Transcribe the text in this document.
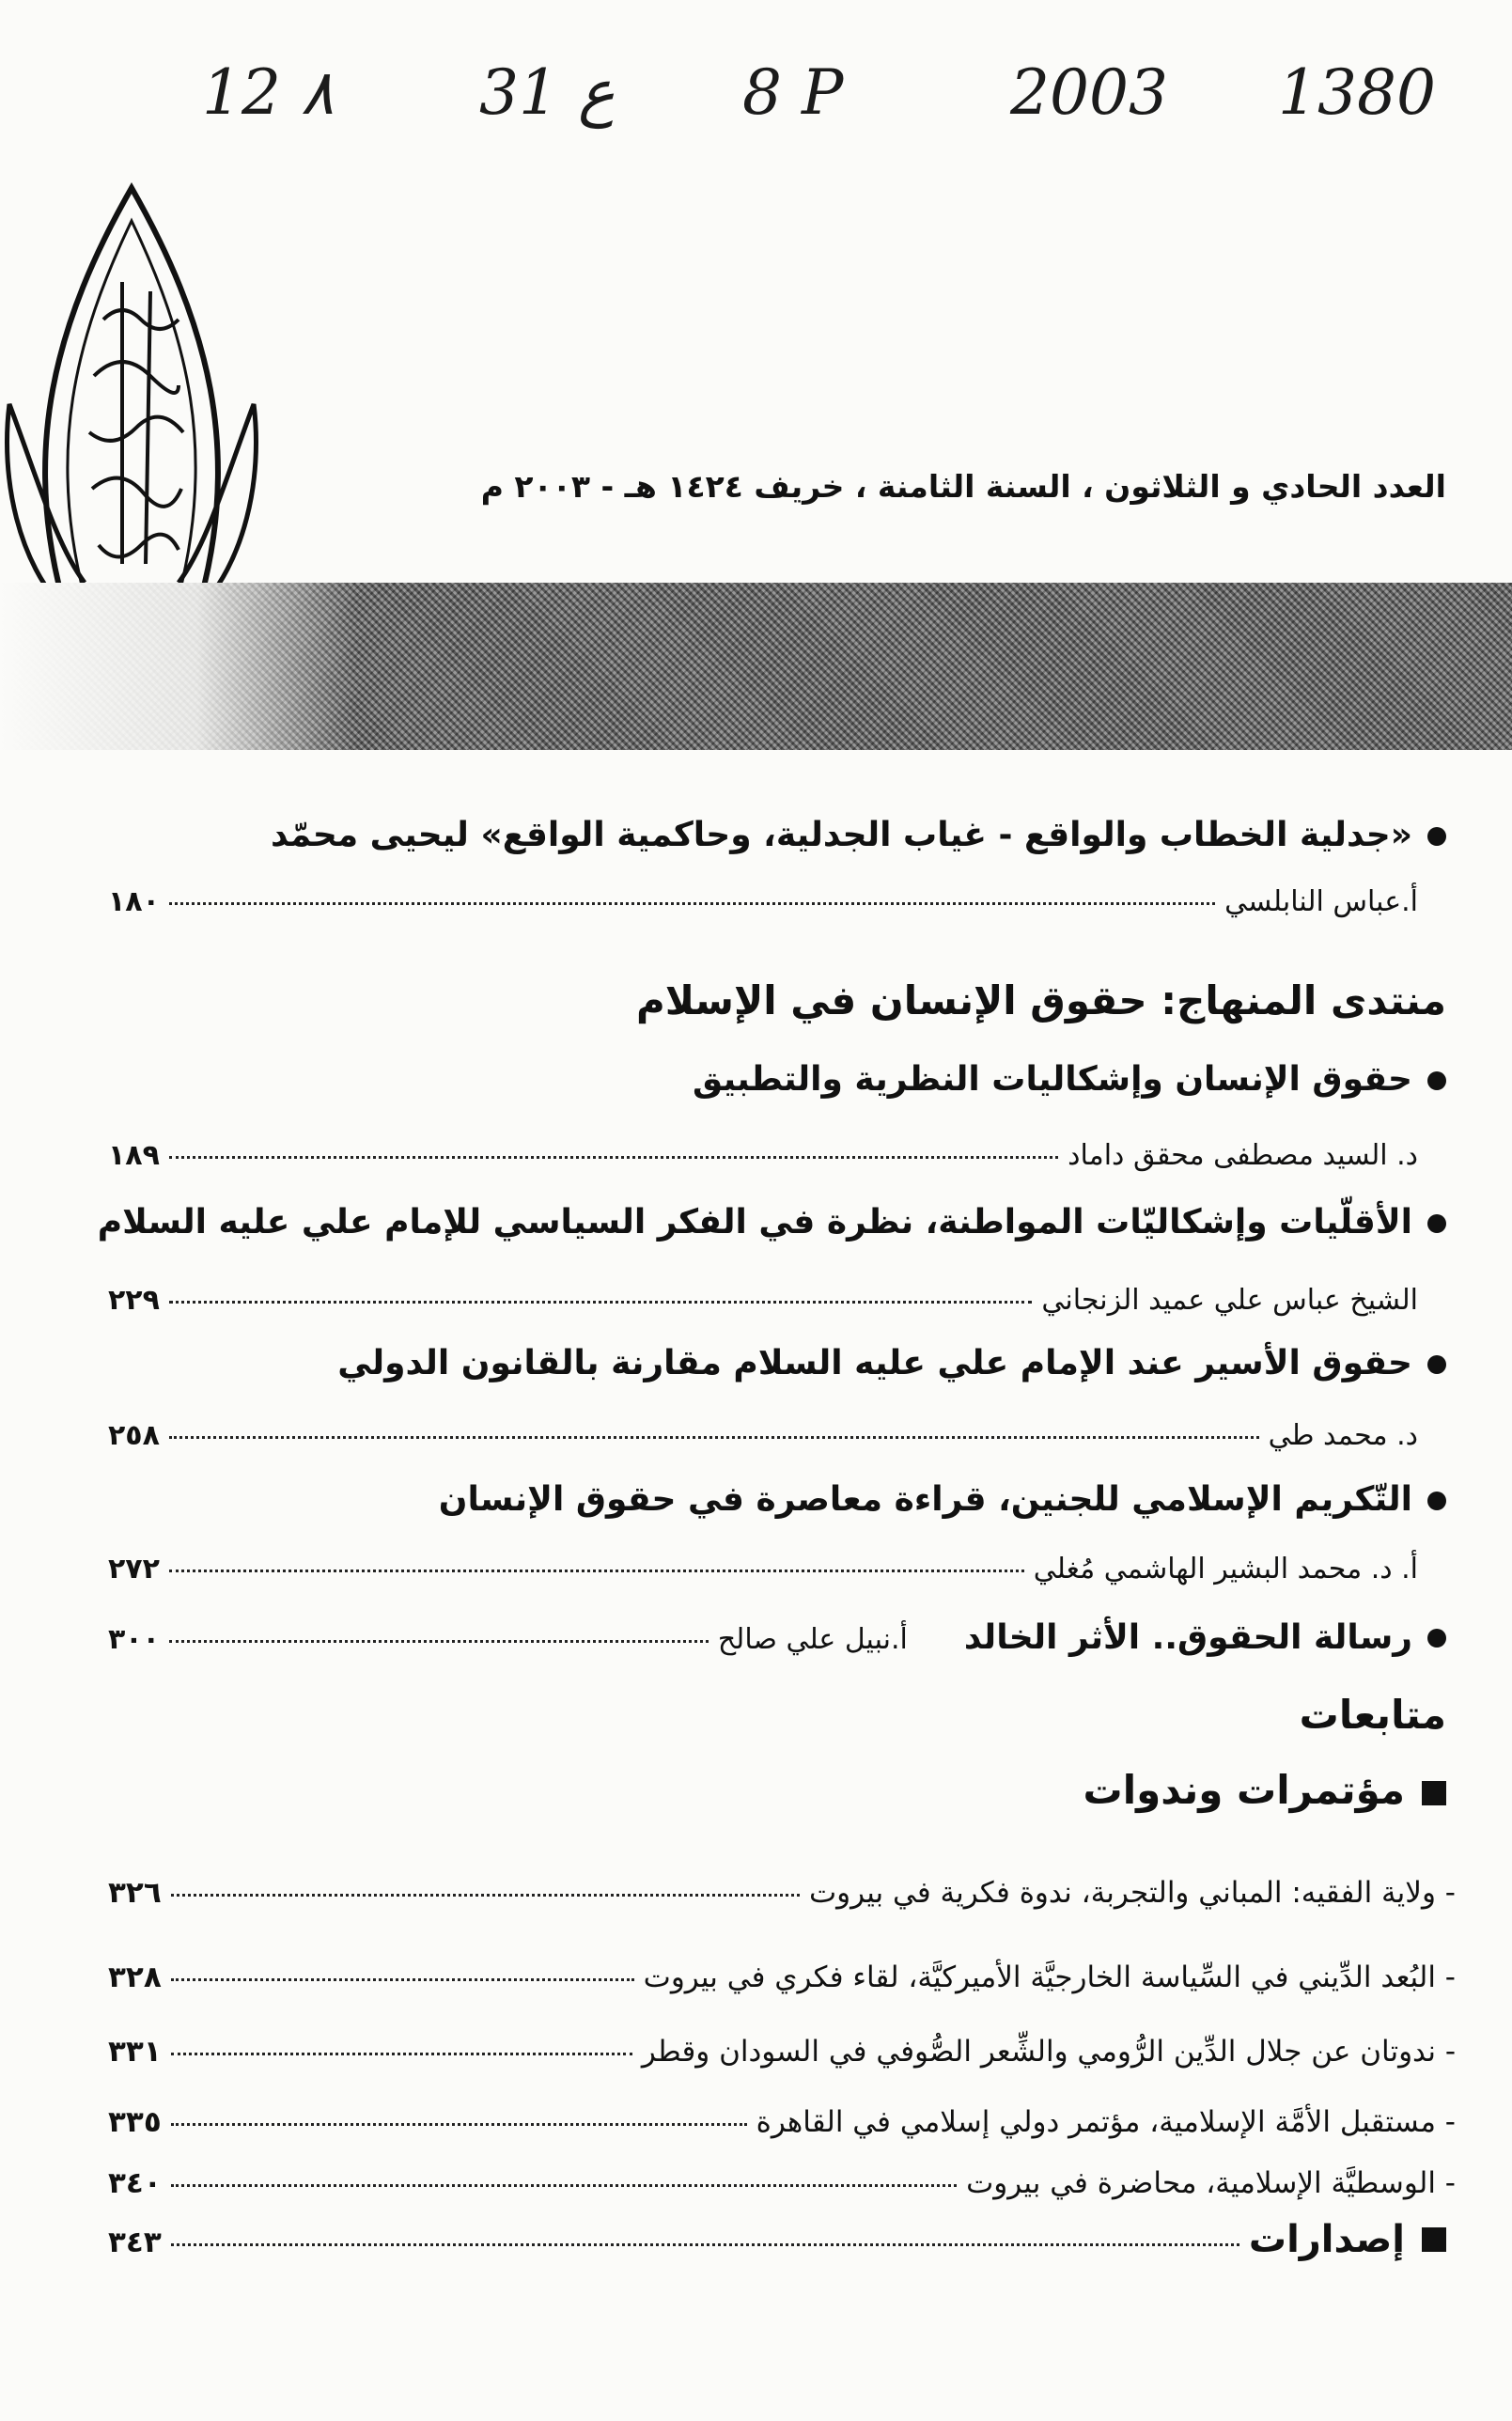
1380
2003
8 P
31 ع
12 ۸
العدد الحادي و الثلاثون ، السنة الثامنة ، خريف ١٤٢٤ هـ - ٢٠٠٣ م
«جدلية الخطاب والواقع - غياب الجدلية، وحاكمية الواقع» ليحيى محمّد
أ.عباس النابلسي
١٨٠
منتدى المنهاج: حقوق الإنسان في الإسلام
حقوق الإنسان وإشكاليات النظرية والتطبيق
د. السيد مصطفى محقق داماد
١٨٩
الأقلّيات وإشكاليّات المواطنة، نظرة في الفكر السياسي للإمام علي عليه السلام
الشيخ عباس علي عميد الزنجاني
٢٢٩
حقوق الأسير عند الإمام علي عليه السلام مقارنة بالقانون الدولي
د. محمد طي
٢٥٨
التّكريم الإسلامي للجنين، قراءة معاصرة في حقوق الإنسان
أ. د. محمد البشير الهاشمي مُغلي
٢٧٢
رسالة الحقوق.. الأثر الخالد
أ.نبيل علي صالح
٣٠٠
متابعات
مؤتمرات وندوات
- ولاية الفقيه: المباني والتجربة، ندوة فكرية في بيروت
٣٢٦
- البُعد الدِّيني في السِّياسة الخارجيَّة الأميركيَّة، لقاء فكري في بيروت
٣٢٨
- ندوتان عن جلال الدِّين الرُّومي والشِّعر الصُّوفي في السودان وقطر
٣٣١
- مستقبل الأمَّة الإسلامية، مؤتمر دولي إسلامي في القاهرة
٣٣٥
- الوسطيَّة الإسلامية، محاضرة في بيروت
٣٤٠
إصدارات
٣٤٣
